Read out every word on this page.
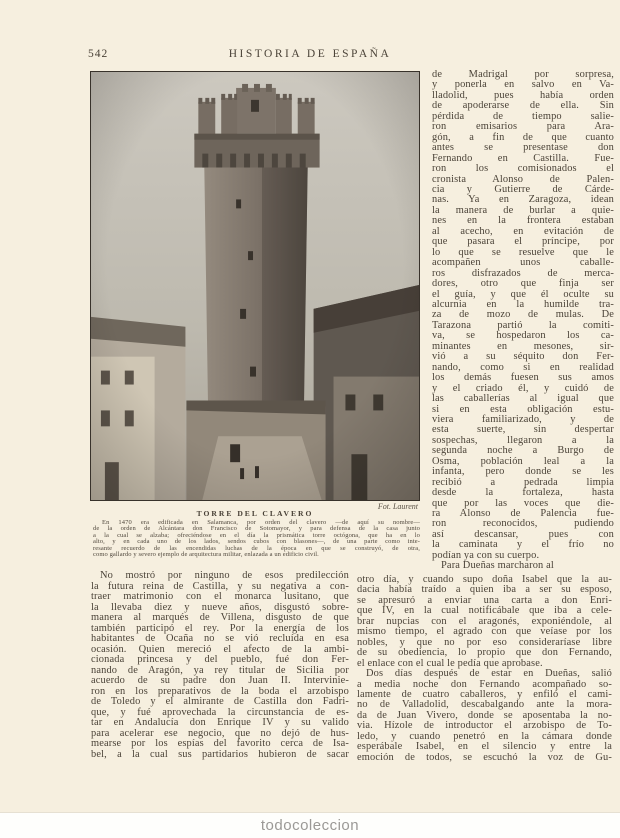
542	HISTORIA DE ESPAÑA
Fot. Laurent
TORRE DEL CLAVERO
En 1470 era edificada en Salamanca, por orden del clavero —de aquí su nombre—
de la orden de Alcántara don Francisco de Sotomayor, y para defensa de la casa junto
a la cual se alzaba; ofreciéndose en el día la prismática torre octógona, que ha en lo
alto, y en cada uno de los lados, sendos cubos con blasones—, de una parte como inte-
resante recuerdo de las encendidas luchas de la época en que se construyó, de otra,
como gallardo y severo ejemplo de arquitectura militar, enlazada a un edificio civil.
de Madrigal por sorpresa,
y ponerla en salvo en Va-
lladolid, pues había orden
de apoderarse de ella. Sin
pérdida de tiempo salie-
ron emisarios para Ara-
gón, a fin de que cuanto
antes se presentase don
Fernando en Castilla. Fue-
ron los comisionados el
cronista Alonso de Palen-
cia y Gutierre de Cárde-
nas. Ya en Zaragoza, idean
la manera de burlar a quie-
nes en la frontera estaban
al acecho, en evitación de
que pasara el príncipe, por
lo que se resuelve que le
acompañen unos caballe-
ros disfrazados de merca-
dores, otro que finja ser
el guía, y que él oculte su
alcurnia en la humilde tra-
za de mozo de mulas. De
Tarazona partió la comiti-
va, se hospedaron los ca-
minantes en mesones, sir-
vió a su séquito don Fer-
nando, como si en realidad
los demás fuesen sus amos
y el criado él, y cuidó de
las caballerías al igual que
si en esta obligación estu-
viera familiarizado, y de
esta suerte, sin despertar
sospechas, llegaron a la
segunda noche a Burgo de
Osma, población leal a la
infanta, pero donde se les
recibió a pedrada limpia
desde la fortaleza, hasta
que por las voces que die-
ra Alonso de Palencia fue-
ron reconocidos, pudiendo
así descansar, pues con
la caminata y el frío no
podían ya con su cuerpo.
Para Dueñas marcharon al
No mostró por ninguno de esos predilección
la futura reina de Castilla, y su negativa a con-
traer matrimonio con el monarca lusitano, que
la llevaba diez y nueve años, disgustó sobre-
manera al marqués de Villena, disgusto de que
también participó el rey. Por la energía de los
habitantes de Ocaña no se vió recluída en esa
ocasión. Quien mereció el afecto de la ambi-
cionada princesa y del pueblo, fué don Fer-
nando de Aragón, ya rey titular de Sicilia por
acuerdo de su padre don Juan II. Intervinie-
ron en los preparativos de la boda el arzobispo
de Toledo y el almirante de Castilla don Fadri-
que, y fué aprovechada la circunstancia de es-
tar en Andalucía don Enrique IV y su valido
para acelerar ese negocio, que no dejó de hus-
mearse por los espías del favorito cerca de Isa-
bel, a la cual sus partidarios hubieron de sacar
otro día, y cuando supo doña Isabel que la au-
dacia había traído a quien iba a ser su esposo,
se apresuró a enviar una carta a don Enri-
que IV, en la cual notificábale que iba a cele-
brar nupcias con el aragonés, exponiéndole, al
mismo tiempo, el agrado con que veíase por los
nobles, y que no por eso consideraríase libre
de su obediencia, lo propio que don Fernando,
el enlace con el cual le pedía que aprobase.
Dos días después de estar en Dueñas, salió
a media noche don Fernando acompañado so-
lamente de cuatro caballeros, y enfiló el cami-
no de Valladolid, descabalgando ante la mora-
da de Juan Vivero, donde se aposentaba la no-
via. Hízole de introductor el arzobispo de To-
ledo, y cuando penetró en la cámara donde
esperábale Isabel, en el silencio y entre la
emoción de todos, se escuchó la voz de Gu-
todocoleccion
